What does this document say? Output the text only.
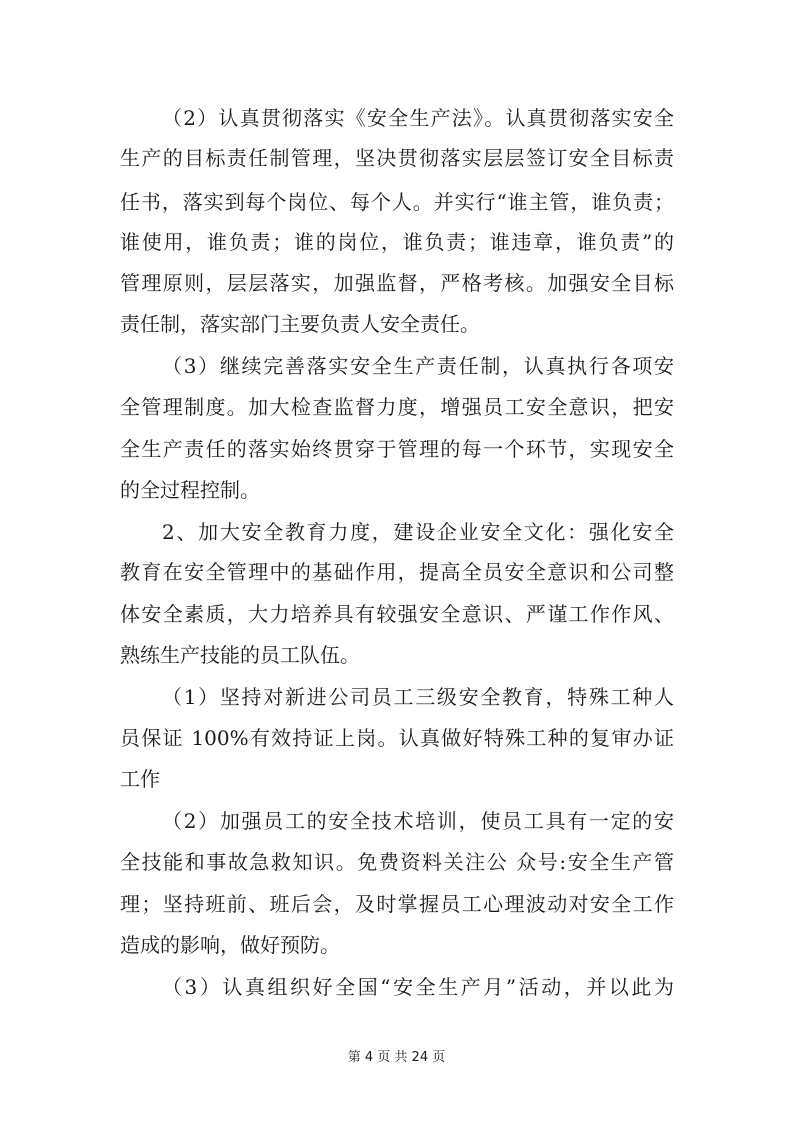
（2）认真贯彻落实《安全生产法》。认真贯彻落实安全
生产的目标责任制管理，坚决贯彻落实层层签订安全目标责
任书，落实到每个岗位、每个人。并实行“谁主管，谁负责；
谁使用，谁负责；谁的岗位，谁负责；谁违章，谁负责”的
管理原则，层层落实，加强监督，严格考核。加强安全目标
责任制，落实部门主要负责人安全责任。
（3）继续完善落实安全生产责任制，认真执行各项安
全管理制度。加大检查监督力度，增强员工安全意识，把安
全生产责任的落实始终贯穿于管理的每一个环节，实现安全
的全过程控制。
2、加大安全教育力度，建设企业安全文化：强化安全
教育在安全管理中的基础作用，提高全员安全意识和公司整
体安全素质，大力培养具有较强安全意识、严谨工作作风、
熟练生产技能的员工队伍。
（1）坚持对新进公司员工三级安全教育，特殊工种人
员保证 100%有效持证上岗。认真做好特殊工种的复审办证
工作
（2）加强员工的安全技术培训，使员工具有一定的安
全技能和事故急救知识。免费资料关注公 众号:安全生产管
理；坚持班前、班后会，及时掌握员工心理波动对安全工作
造成的影响，做好预防。
（3）认真组织好全国“安全生产月”活动，并以此为
第 4 页 共 24 页
